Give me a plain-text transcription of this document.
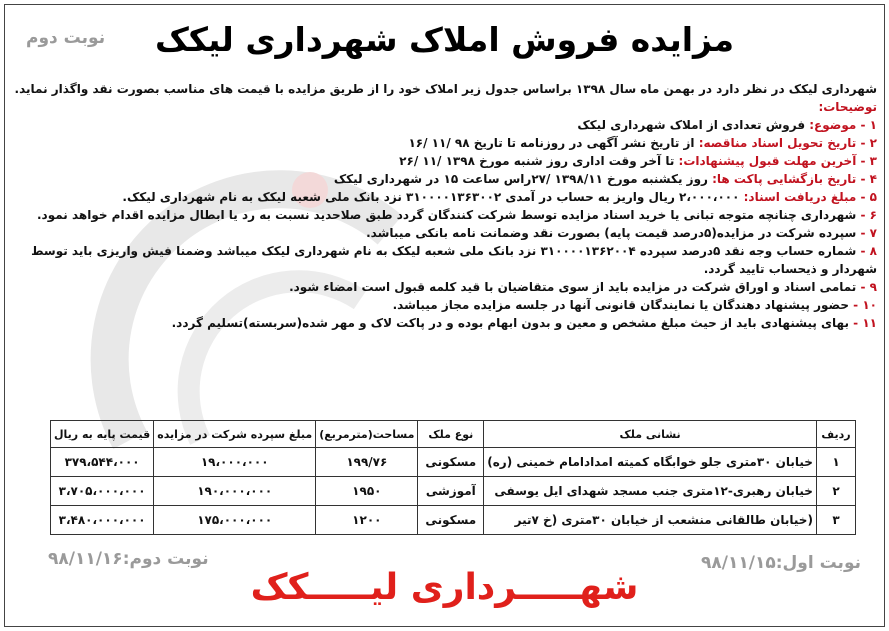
نوبت دوم	مزایده فروش املاک شهرداری لیکک

شهرداری لیکک در نظر دارد در بهمن ماه سال ۱۳۹۸ براساس جدول زیر املاک خود را از طریق مزایده با قیمت های مناسب بصورت نقد واگذار نماید.

توضیحات:

۱ - موضوع: فروش تعدادی از املاک شهرداری لیکک

۲ - تاریخ تحویل اسناد مناقصه: از تاریخ نشر آگهی در روزنامه تا تاریخ ۹۸ /۱۱ /۱۶

۳ - آخرین مهلت قبول پیشنهادات: تا آخر وقت اداری روز شنبه مورخ ۱۳۹۸ /۱۱ /۲۶

۴ - تاریخ بازگشایی پاکت ها: روز یکشنبه مورخ ۱۳۹۸/۱۱ /۲۷راس ساعت ۱۵ در شهرداری لیکک

۵ - مبلغ دریافت اسناد: ۲،۰۰۰،۰۰۰ ریال واریز به حساب در آمدی ۳۱۰۰۰۰۱۳۶۳۰۰۲ نزد بانک ملی شعبه لیکک به نام شهرداری لیکک.

۶ - شهرداری چنانچه متوجه تبانی یا خرید اسناد مزایده توسط شرکت کنندگان گردد طبق صلاحدید نسبت به رد یا ابطال مزایده اقدام خواهد نمود.

۷ - سپرده شرکت در مزایده(۵درصد قیمت پایه) بصورت نقد وضمانت نامه بانکی میباشد.

۸ - شماره حساب وجه نقد ۵درصد سپرده ۳۱۰۰۰۰۱۳۶۲۰۰۴ نزد بانک ملی شعبه لیکک به نام شهرداری لیکک میباشد وضمنا فیش واریزی باید توسط شهردار و ذیحساب تایید گردد.

۹ - تمامی اسناد و اوراق شرکت در مزایده باید از سوی متقاضیان با قید کلمه قبول است امضاء شود.

۱۰ - حضور پیشنهاد دهندگان یا نمایندگان قانونی آنها در جلسه مزایده مجاز میباشد.

۱۱ - بهای پیشنهادی باید از حیث مبلغ مشخص و معین و بدون ابهام بوده و در پاکت لاک و مهر شده(سربسته)تسلیم گردد.

ردیف	نشانی ملک	نوع ملک	مساحت(مترمربع)	مبلغ سپرده شرکت در مزایده	قیمت پایه به ریال
۱	خیابان ۳۰متری جلو خوابگاه کمیته امدادامام خمینی (ره)	مسکونی	۱۹۹/۷۶	۱۹،۰۰۰،۰۰۰	۳۷۹،۵۴۴،۰۰۰
۲	خیابان رهبری-۱۲متری جنب مسجد شهدای ایل یوسفی	آموزشی	۱۹۵۰	۱۹۰،۰۰۰،۰۰۰	۳،۷۰۵،۰۰۰،۰۰۰
۳	(خیابان طالقانی منشعب از خیابان ۳۰متری (خ ۷تیر	مسکونی	۱۲۰۰	۱۷۵،۰۰۰،۰۰۰	۳،۴۸۰،۰۰۰،۰۰۰
نوبت اول:۹۸/۱۱/۱۵
نوبت دوم:۹۸/۱۱/۱۶
شهـــــرداری لیـــــکک
